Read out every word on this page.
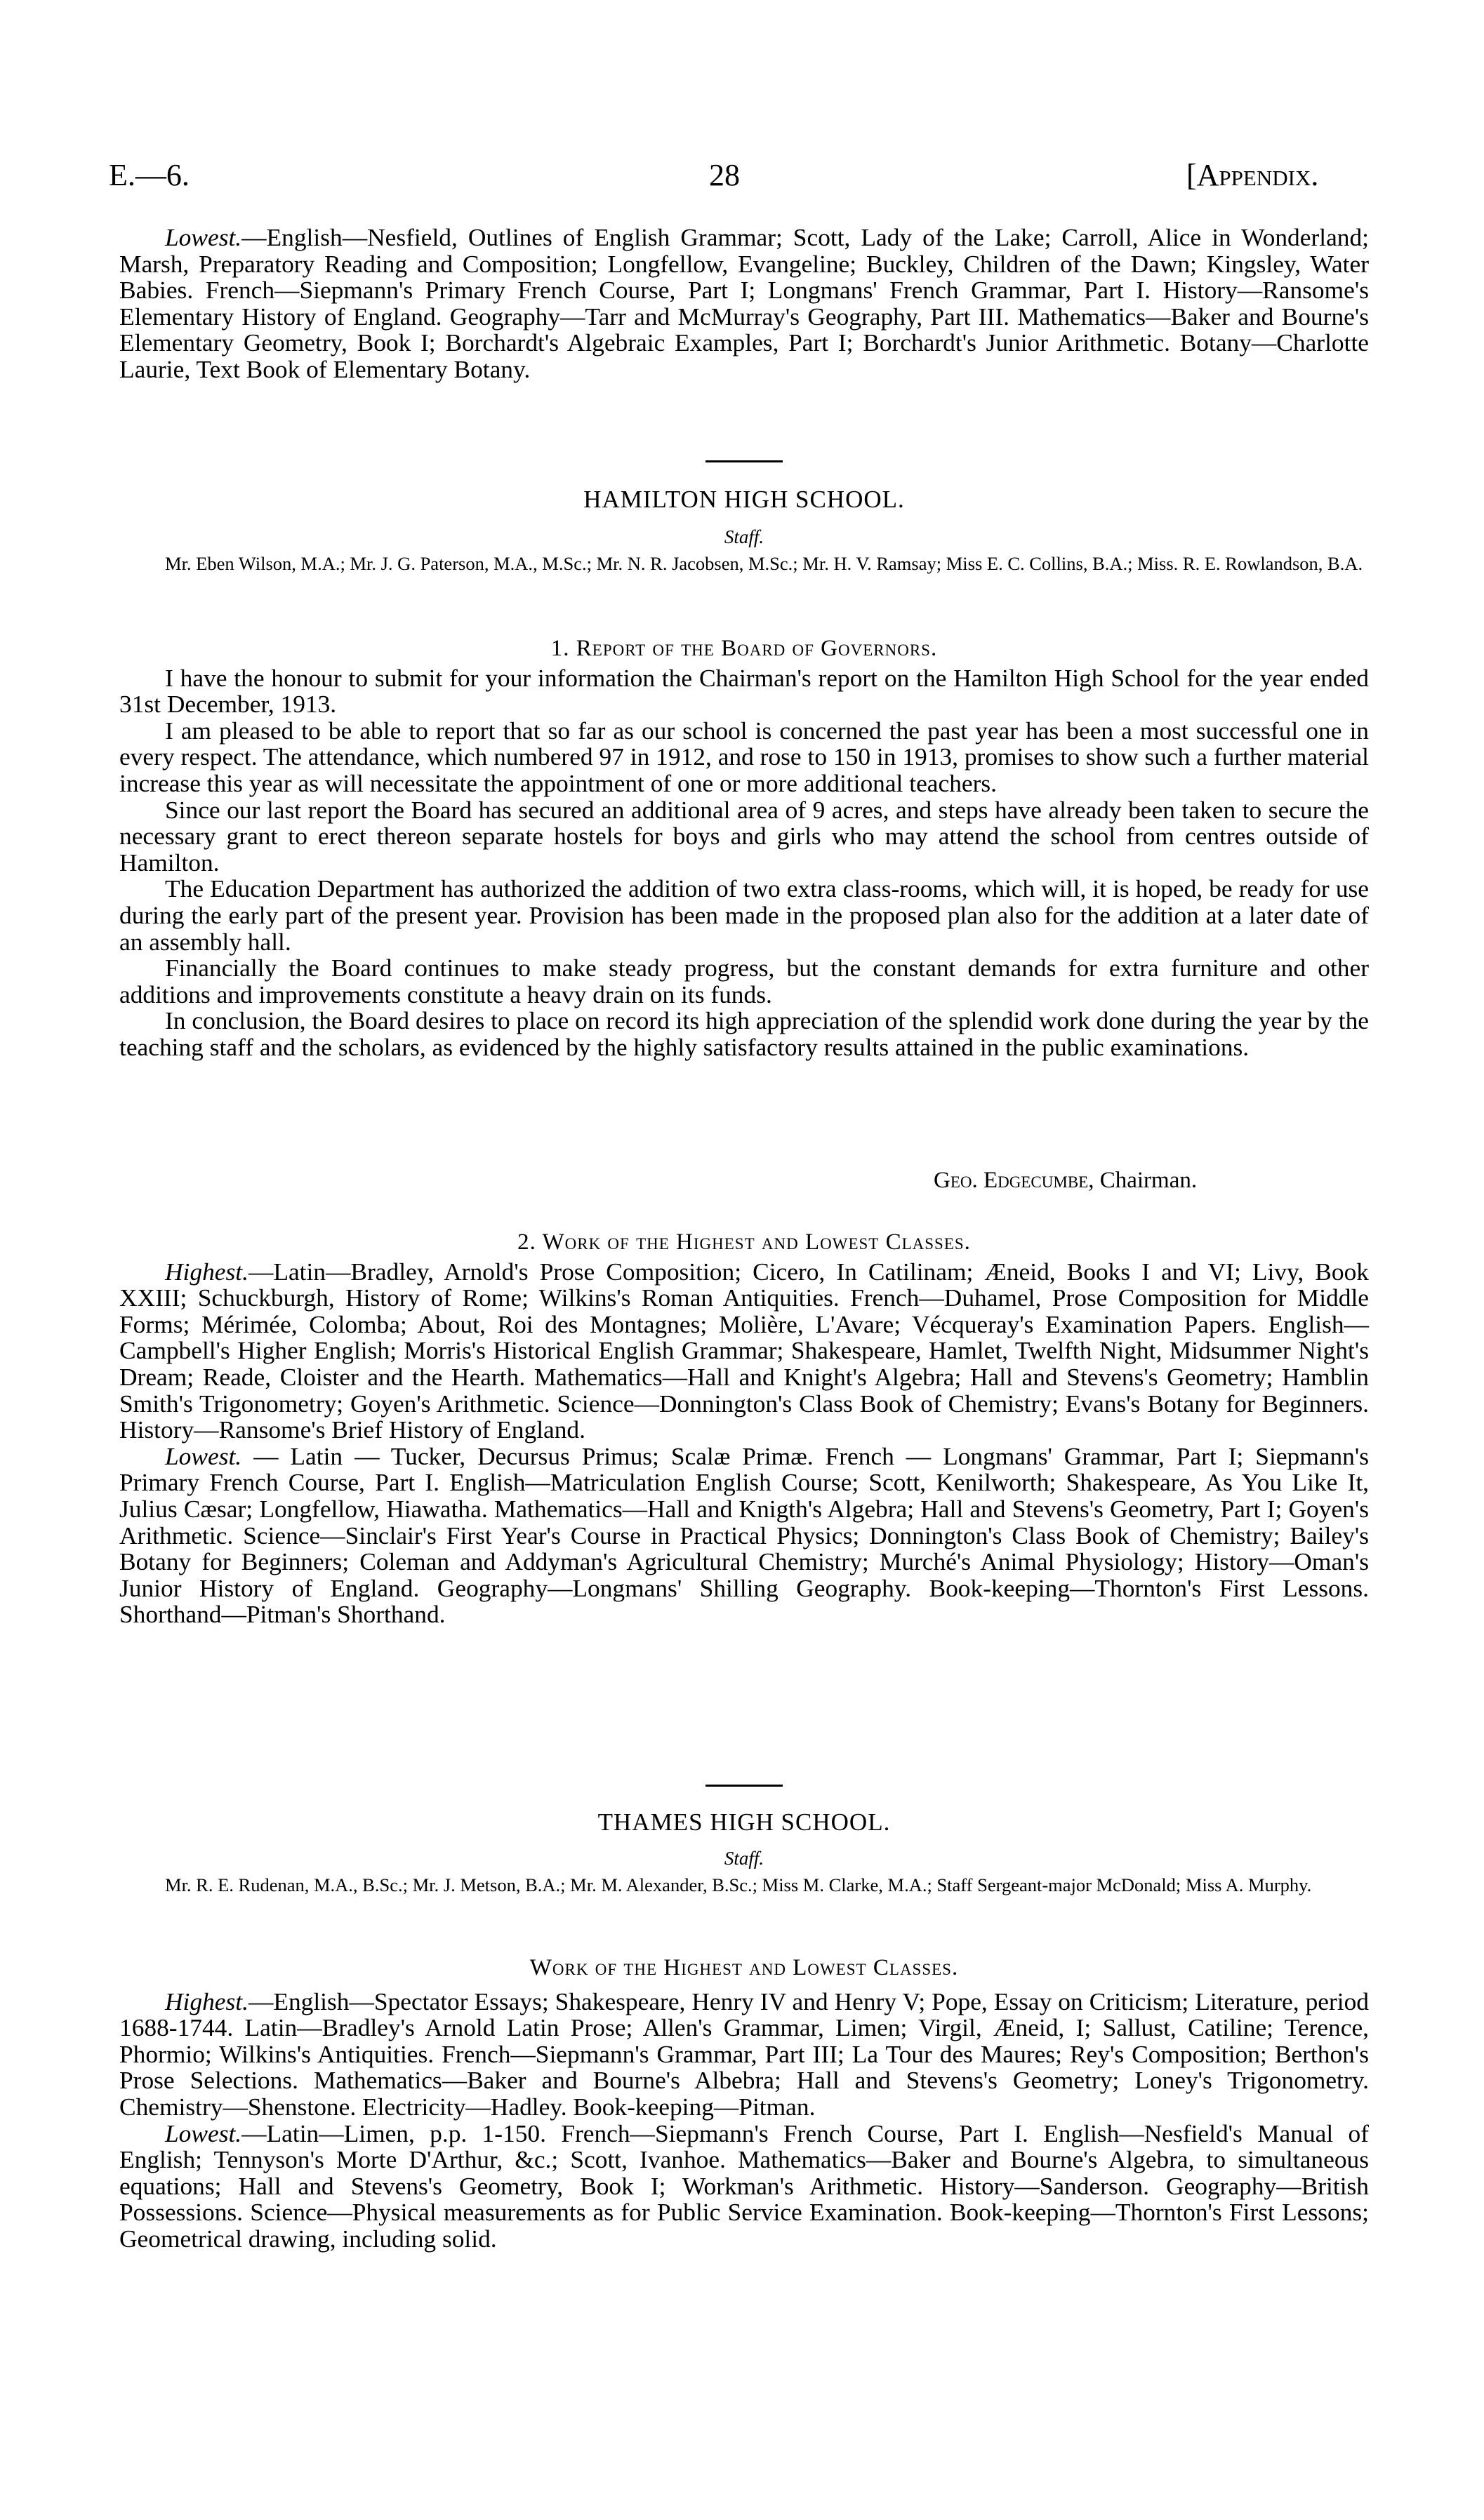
E.—6.	28	[Appendix.

Lowest.—English—Nesfield, Outlines of English Grammar; Scott, Lady of the Lake; Carroll, Alice in Wonderland; Marsh, Preparatory Reading and Composition; Longfellow, Evangeline; Buckley, Children of the Dawn; Kingsley, Water Babies. French—Siepmann's Primary French Course, Part I; Longmans' French Grammar, Part I. History—Ransome's Elementary History of England. Geography—Tarr and McMurray's Geography, Part III. Mathematics—Baker and Bourne's Elementary Geometry, Book I; Borchardt's Algebraic Examples, Part I; Borchardt's Junior Arithmetic. Botany—Charlotte Laurie, Text Book of Elementary Botany.

HAMILTON HIGH SCHOOL.

Staff.

Mr. Eben Wilson, M.A.; Mr. J. G. Paterson, M.A., M.Sc.; Mr. N. R. Jacobsen, M.Sc.; Mr. H. V. Ramsay; Miss E. C. Collins, B.A.; Miss. R. E. Rowlandson, B.A.

1. Report of the Board of Governors.

I have the honour to submit for your information the Chairman's report on the Hamilton High School for the year ended 31st December, 1913.

I am pleased to be able to report that so far as our school is concerned the past year has been a most successful one in every respect. The attendance, which numbered 97 in 1912, and rose to 150 in 1913, promises to show such a further material increase this year as will necessitate the appointment of one or more additional teachers.

Since our last report the Board has secured an additional area of 9 acres, and steps have already been taken to secure the necessary grant to erect thereon separate hostels for boys and girls who may attend the school from centres outside of Hamilton.

The Education Department has authorized the addition of two extra class-rooms, which will, it is hoped, be ready for use during the early part of the present year. Provision has been made in the proposed plan also for the addition at a later date of an assembly hall.

Financially the Board continues to make steady progress, but the constant demands for extra furniture and other additions and improvements constitute a heavy drain on its funds.

In conclusion, the Board desires to place on record its high appreciation of the splendid work done during the year by the teaching staff and the scholars, as evidenced by the highly satisfactory results attained in the public examinations.

Geo. Edgecumbe, Chairman.

2. Work of the Highest and Lowest Classes.

Highest.—Latin—Bradley, Arnold's Prose Composition; Cicero, In Catilinam; Æneid, Books I and VI; Livy, Book XXIII; Schuckburgh, History of Rome; Wilkins's Roman Antiquities. French—Duhamel, Prose Composition for Middle Forms; Mérimée, Colomba; About, Roi des Montagnes; Molière, L'Avare; Vécqueray's Examination Papers. English—Campbell's Higher English; Morris's Historical English Grammar; Shakespeare, Hamlet, Twelfth Night, Midsummer Night's Dream; Reade, Cloister and the Hearth. Mathematics—Hall and Knight's Algebra; Hall and Stevens's Geometry; Hamblin Smith's Trigonometry; Goyen's Arithmetic. Science—Donnington's Class Book of Chemistry; Evans's Botany for Beginners. History—Ransome's Brief History of England.

Lowest. — Latin — Tucker, Decursus Primus; Scalæ Primæ. French — Longmans' Grammar, Part I; Siepmann's Primary French Course, Part I. English—Matriculation English Course; Scott, Kenilworth; Shakespeare, As You Like It, Julius Cæsar; Longfellow, Hiawatha. Mathematics—Hall and Knigth's Algebra; Hall and Stevens's Geometry, Part I; Goyen's Arithmetic. Science—Sinclair's First Year's Course in Practical Physics; Donnington's Class Book of Chemistry; Bailey's Botany for Beginners; Coleman and Addyman's Agricultural Chemistry; Murché's Animal Physiology; History—Oman's Junior History of England. Geography—Longmans' Shilling Geography. Book-keeping—Thornton's First Lessons. Shorthand—Pitman's Shorthand.

THAMES HIGH SCHOOL.

Staff.

Mr. R. E. Rudenan, M.A., B.Sc.; Mr. J. Metson, B.A.; Mr. M. Alexander, B.Sc.; Miss M. Clarke, M.A.; Staff Sergeant-major McDonald; Miss A. Murphy.

Work of the Highest and Lowest Classes.

Highest.—English—Spectator Essays; Shakespeare, Henry IV and Henry V; Pope, Essay on Criticism; Literature, period 1688-1744. Latin—Bradley's Arnold Latin Prose; Allen's Grammar, Limen; Virgil, Æneid, I; Sallust, Catiline; Terence, Phormio; Wilkins's Antiquities. French—Siepmann's Grammar, Part III; La Tour des Maures; Rey's Composition; Berthon's Prose Selections. Mathematics—Baker and Bourne's Albebra; Hall and Stevens's Geometry; Loney's Trigonometry. Chemistry—Shenstone. Electricity—Hadley. Book-keeping—Pitman.

Lowest.—Latin—Limen, p.p. 1-150. French—Siepmann's French Course, Part I. English—Nesfield's Manual of English; Tennyson's Morte D'Arthur, &c.; Scott, Ivanhoe. Mathematics—Baker and Bourne's Algebra, to simultaneous equations; Hall and Stevens's Geometry, Book I; Workman's Arithmetic. History—Sanderson. Geography—British Possessions. Science—Physical measurements as for Public Service Examination. Book-keeping—Thornton's First Lessons; Geometrical drawing, including solid.
